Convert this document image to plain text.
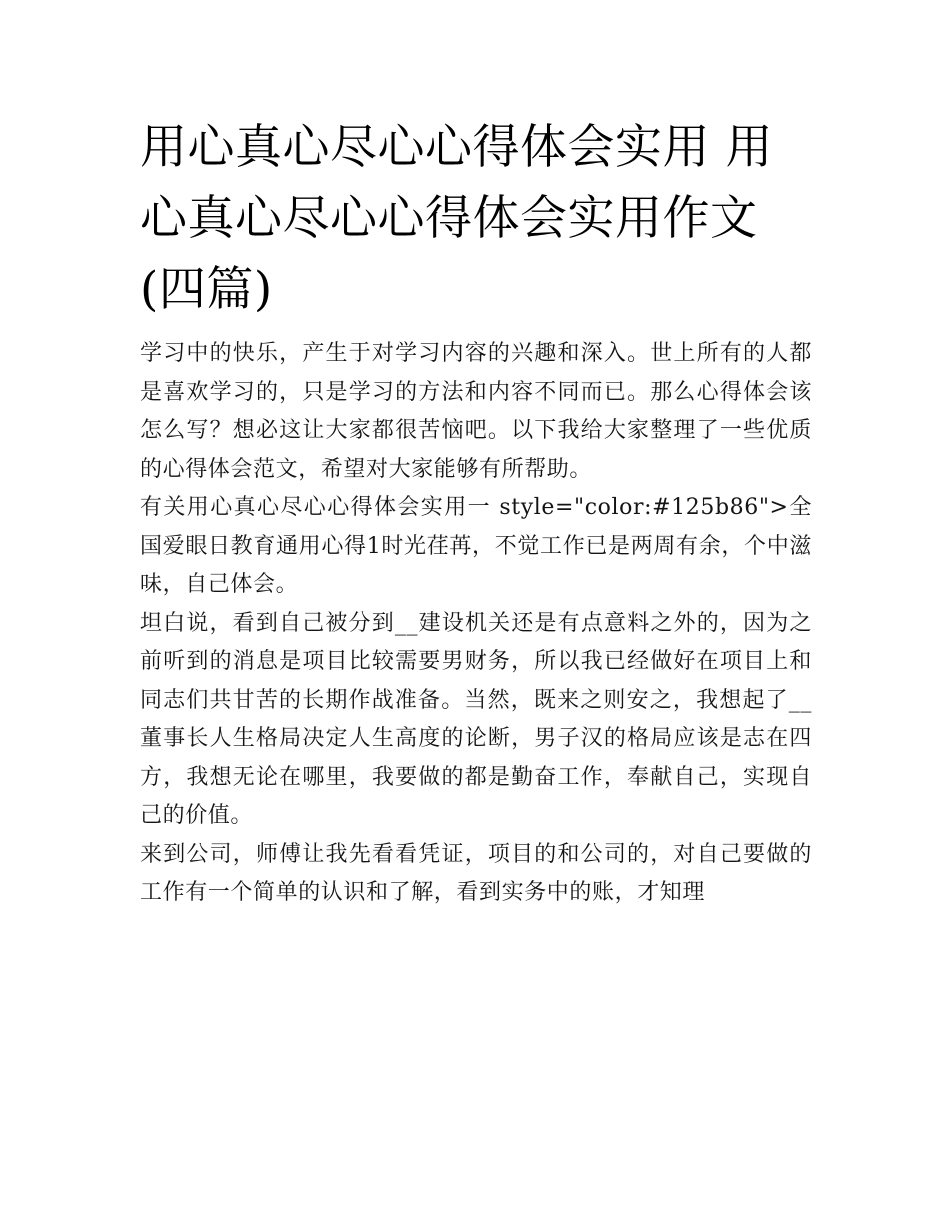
用心真心尽心心得体会实用 用心真心尽心心得体会实用作文(四篇)

学习中的快乐，产生于对学习内容的兴趣和深入。世上所有的人都是喜欢学习的，只是学习的方法和内容不同而已。那么心得体会该怎么写？想必这让大家都很苦恼吧。以下我给大家整理了一些优质的心得体会范文，希望对大家能够有所帮助。

有关用心真心尽心心得体会实用一 style="color:#125b86">全国爱眼日教育通用心得1时光荏苒，不觉工作已是两周有余，个中滋味，自己体会。

坦白说，看到自己被分到__建设机关还是有点意料之外的，因为之前听到的消息是项目比较需要男财务，所以我已经做好在项目上和同志们共甘苦的长期作战准备。当然，既来之则安之，我想起了__董事长人生格局决定人生高度的论断，男子汉的格局应该是志在四方，我想无论在哪里，我要做的都是勤奋工作，奉献自己，实现自己的价值。

来到公司，师傅让我先看看凭证，项目的和公司的，对自己要做的工作有一个简单的认识和了解，看到实务中的账，才知理
